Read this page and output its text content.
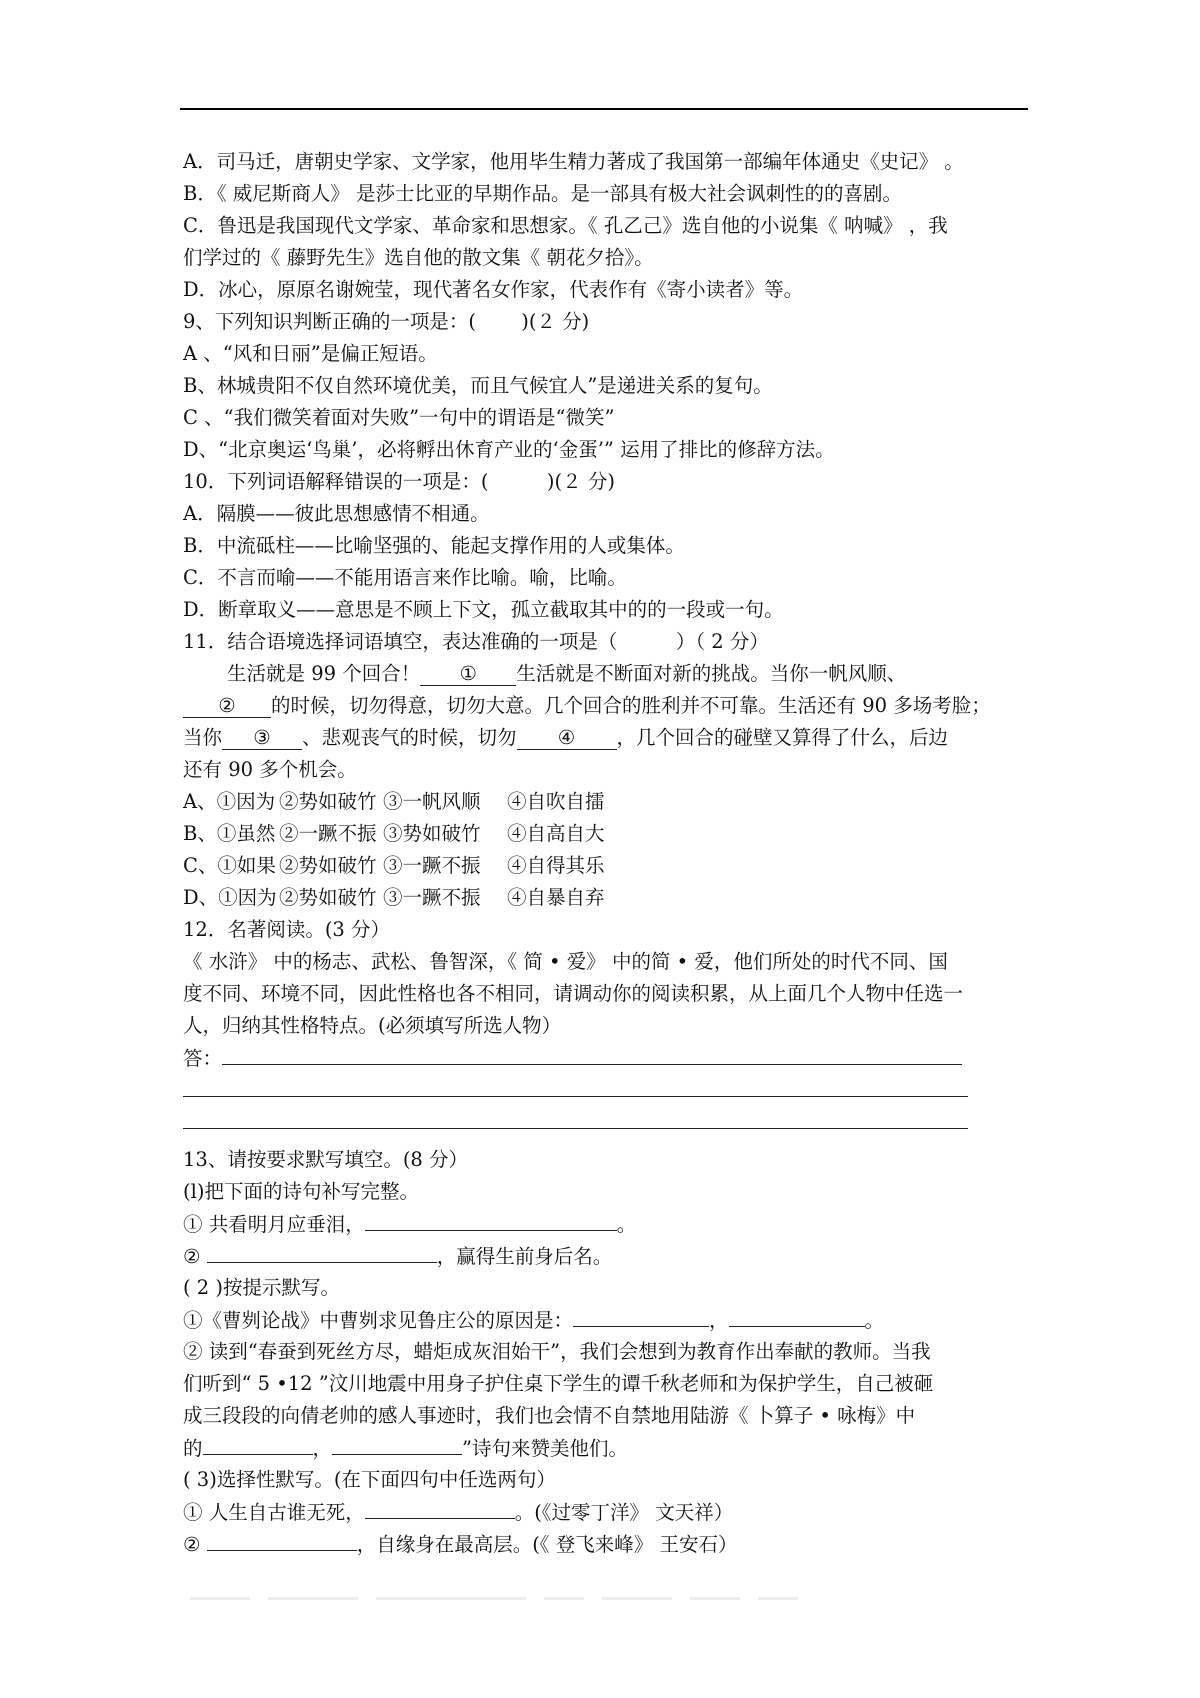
A．司马迁，唐朝史学家、文学家，他用毕生精力著成了我国第一部编年体通史《史记》 。
B．《 威尼斯商人》 是莎士比亚的早期作品。是一部具有极大社会讽刺性的的喜剧。
C．鲁迅是我国现代文学家、革命家和思想家。《 孔乙己》选自他的小说集《 呐喊》 ，我
们学过的《 藤野先生》选自他的散文集《 朝花夕拾》。
D．冰心，原原名谢婉莹，现代著名女作家，代表作有《寄小读者》等。
9、下列知识判断正确的一项是：(　　 )(２ 分)
A 、“风和日丽”是偏正短语。
B、林城贵阳不仅自然环境优美，而且气候宜人”是递进关系的复句。
C 、“我们微笑着面对失败”一句中的谓语是“微笑”
D、“北京奥运‘鸟巢’，必将孵出休育产业的‘金蛋’” 运用了排比的修辞方法。
10．下列词语解释错误的一项是：(　　　)(２ 分)
A．隔膜——彼此思想感情不相通。
B．中流砥柱——比喻坚强的、能起支撑作用的人或集体。
C．不言而喻——不能用语言来作比喻。喻，比喻。
D．断章取义——意思是不顾上下文，孤立截取其中的的一段或一句。
11．结合语境选择词语填空，表达准确的一项是（　　　）（ 2 分）
生活就是 99 个回合！ ① 生活就是不断面对新的挑战。当你一帆风顺、
② 的时候，切勿得意，切勿大意。几个回合的胜利并不可靠。生活还有 90 多场考脸；
当你 ③ 、悲观丧气的时候，切勿 ④ ，几个回合的碰壁又算得了什么，后边
还有 90 多个机会。
A、①因为 ②势如破竹 ③一帆风顺 ④自吹自擂
B、①虽然 ②一蹶不振 ③势如破竹 ④自高自大
C、①如果 ②势如破竹 ③一蹶不振 ④自得其乐
D、①因为 ②势如破竹 ③一蹶不振 ④自暴自弃
12．名著阅读。(3 分）
《 水浒》 中的杨志、武松、鲁智深，《 简 • 爱》 中的简 • 爱，他们所处的时代不同、国
度不同、环境不同，因此性格也各不相同，请调动你的阅读积累，从上面几个人物中任选一
人，归纳其性格特点。(必须填写所选人物）
答：
13、请按要求默写填空。(8 分）
(l)把下面的诗句补写完整。
① 共看明月应垂泪，	。
②	，赢得生前身后名。
( 2 )按提示默写。
①《曹刿论战》中曹刿求见鲁庄公的原因是：	，	。
② 读到“春蚕到死丝方尽，蜡炬成灰泪始干”，我们会想到为教育作出奉献的教师。当我
们听到“ 5 •12 ”汶川地震中用身子护住桌下学生的谭千秋老师和为保护学生，自己被砸
成三段段的向倩老帅的感人事迹时，我们也会情不自禁地用陆游《 卜算子 • 咏梅》中
的	，	”诗句来赞美他们。
( 3)选择性默写。(在下面四句中任选两句）
① 人生自古谁无死，	。(《过零丁洋》 文天祥）
②	，自缘身在最高层。(《 登飞来峰》 王安石）
